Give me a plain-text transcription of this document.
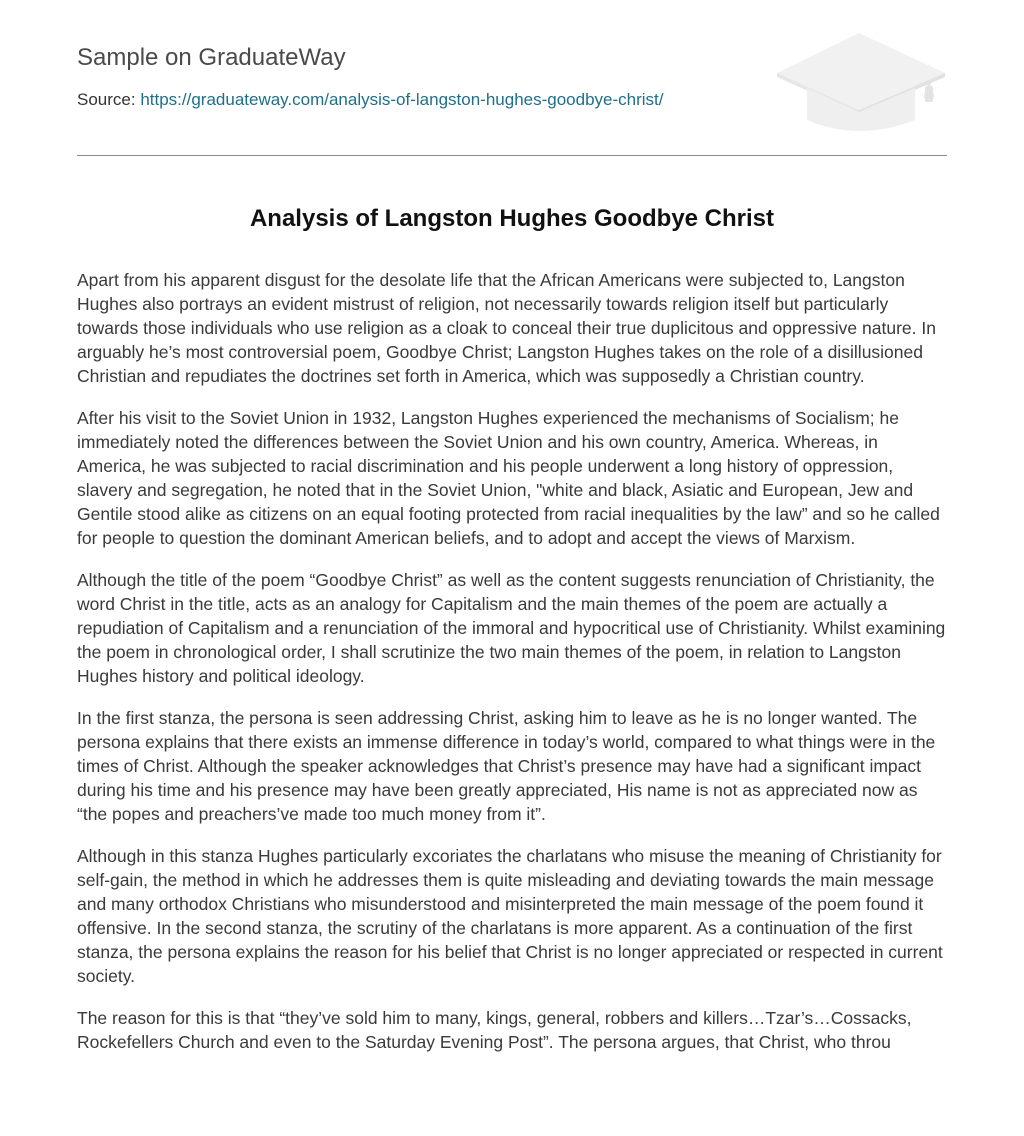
Sample on GraduateWay
Source: https://graduateway.com/analysis-of-langston-hughes-goodbye-christ/
Analysis of Langston Hughes Goodbye Christ

Apart from his apparent disgust for the desolate life that the African Americans were subjected to, Langston Hughes also portrays an evident mistrust of religion, not necessarily towards religion itself but particularly towards those individuals who use religion as a cloak to conceal their true duplicitous and oppressive nature. In arguably he’s most controversial poem, Goodbye Christ; Langston Hughes takes on the role of a disillusioned Christian and repudiates the doctrines set forth in America, which was supposedly a Christian country.

After his visit to the Soviet Union in 1932, Langston Hughes experienced the mechanisms of Socialism; he immediately noted the differences between the Soviet Union and his own country, America. Whereas, in America, he was subjected to racial discrimination and his people underwent a long history of oppression, slavery and segregation, he noted that in the Soviet Union, "white and black, Asiatic and European, Jew and Gentile stood alike as citizens on an equal footing protected from racial inequalities by the law” and so he called for people to question the dominant American beliefs, and to adopt and accept the views of Marxism.

Although the title of the poem “Goodbye Christ” as well as the content suggests renunciation of Christianity, the word Christ in the title, acts as an analogy for Capitalism and the main themes of the poem are actually a repudiation of Capitalism and a renunciation of the immoral and hypocritical use of Christianity. Whilst examining the poem in chronological order, I shall scrutinize the two main themes of the poem, in relation to Langston Hughes history and political ideology.

In the first stanza, the persona is seen addressing Christ, asking him to leave as he is no longer wanted. The persona explains that there exists an immense difference in today’s world, compared to what things were in the times of Christ. Although the speaker acknowledges that Christ’s presence may have had a significant impact during his time and his presence may have been greatly appreciated, His name is not as appreciated now as “the popes and preachers’ve made too much money from it”.

Although in this stanza Hughes particularly excoriates the charlatans who misuse the meaning of Christianity for self-gain, the method in which he addresses them is quite misleading and deviating towards the main message and many orthodox Christians who misunderstood and misinterpreted the main message of the poem found it offensive. In the second stanza, the scrutiny of the charlatans is more apparent. As a continuation of the first stanza, the persona explains the reason for his belief that Christ is no longer appreciated or respected in current society.

The reason for this is that “they’ve sold him to many, kings, general, robbers and killers…Tzar’s…Cossacks, Rockefellers Church and even to the Saturday Evening Post”. The persona argues, that Christ, who throu
